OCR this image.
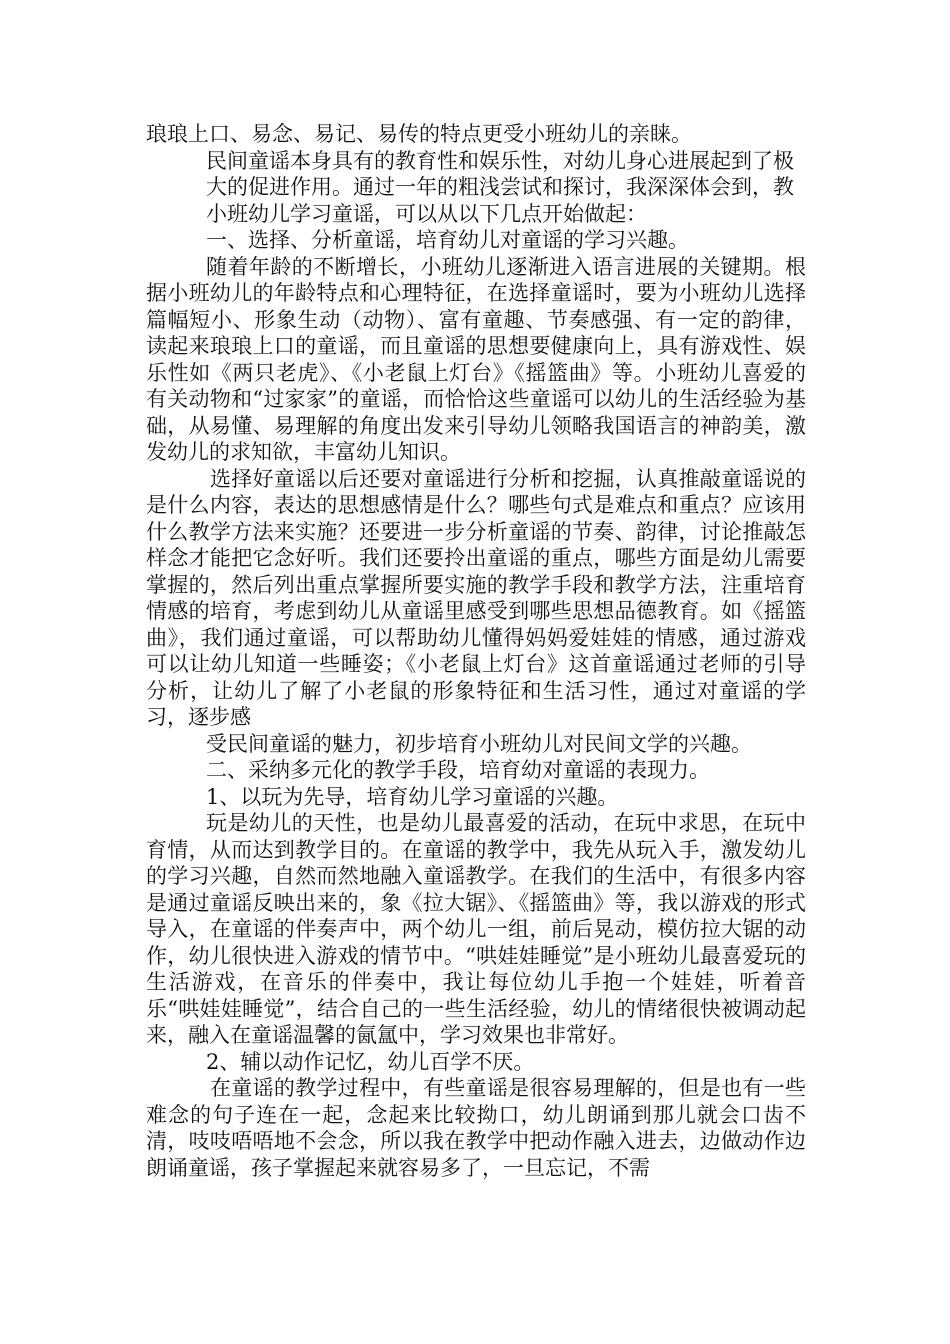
琅琅上口、易念、易记、易传的特点更受小班幼儿的亲睐。

民间童谣本身具有的教育性和娱乐性，对幼儿身心进展起到了极

大的促进作用。通过一年的粗浅尝试和探讨，我深深体会到，教

小班幼儿学习童谣，可以从以下几点开始做起：

一、选择、分析童谣，培育幼儿对童谣的学习兴趣。

随着年龄的不断增长，小班幼儿逐渐进入语言进展的关键期。根据小班幼儿的年龄特点和心理特征，在选择童谣时，要为小班幼儿选择篇幅短小、形象生动（动物）、富有童趣、节奏感强、有一定的韵律，读起来琅琅上口的童谣，而且童谣的思想要健康向上，具有游戏性、娱乐性如《两只老虎》、《小老鼠上灯台》《摇篮曲》等。小班幼儿喜爱的有关动物和“过家家”的童谣，而恰恰这些童谣可以幼儿的生活经验为基础，从易懂、易理解的角度出发来引导幼儿领略我国语言的神韵美，激发幼儿的求知欲，丰富幼儿知识。

选择好童谣以后还要对童谣进行分析和挖掘，认真推敲童谣说的是什么内容，表达的思想感情是什么？哪些句式是难点和重点？应该用什么教学方法来实施？还要进一步分析童谣的节奏、韵律，讨论推敲怎样念才能把它念好听。我们还要拎出童谣的重点，哪些方面是幼儿需要掌握的，然后列出重点掌握所要实施的教学手段和教学方法，注重培育情感的培育，考虑到幼儿从童谣里感受到哪些思想品德教育。如《摇篮曲》，我们通过童谣，可以帮助幼儿懂得妈妈爱娃娃的情感，通过游戏可以让幼儿知道一些睡姿；《小老鼠上灯台》这首童谣通过老师的引导分析，让幼儿了解了小老鼠的形象特征和生活习性，通过对童谣的学习，逐步感

受民间童谣的魅力，初步培育小班幼儿对民间文学的兴趣。

二、采纳多元化的教学手段，培育幼对童谣的表现力。

1、以玩为先导，培育幼儿学习童谣的兴趣。

玩是幼儿的天性，也是幼儿最喜爱的活动，在玩中求思，在玩中育情，从而达到教学目的。在童谣的教学中，我先从玩入手，激发幼儿的学习兴趣，自然而然地融入童谣教学。在我们的生活中，有很多内容是通过童谣反映出来的，象《拉大锯》、《摇篮曲》等，我以游戏的形式导入，在童谣的伴奏声中，两个幼儿一组，前后晃动，模仿拉大锯的动作，幼儿很快进入游戏的情节中。“哄娃娃睡觉”是小班幼儿最喜爱玩的生活游戏，在音乐的伴奏中，我让每位幼儿手抱一个娃娃，听着音乐“哄娃娃睡觉”，结合自己的一些生活经验，幼儿的情绪很快被调动起来，融入在童谣温馨的氤氲中，学习效果也非常好。

2、辅以动作记忆，幼儿百学不厌。

在童谣的教学过程中，有些童谣是很容易理解的，但是也有一些难念的句子连在一起，念起来比较拗口，幼儿朗诵到那儿就会口齿不清，吱吱唔唔地不会念，所以我在教学中把动作融入进去，边做动作边朗诵童谣，孩子掌握起来就容易多了，一旦忘记，不需
